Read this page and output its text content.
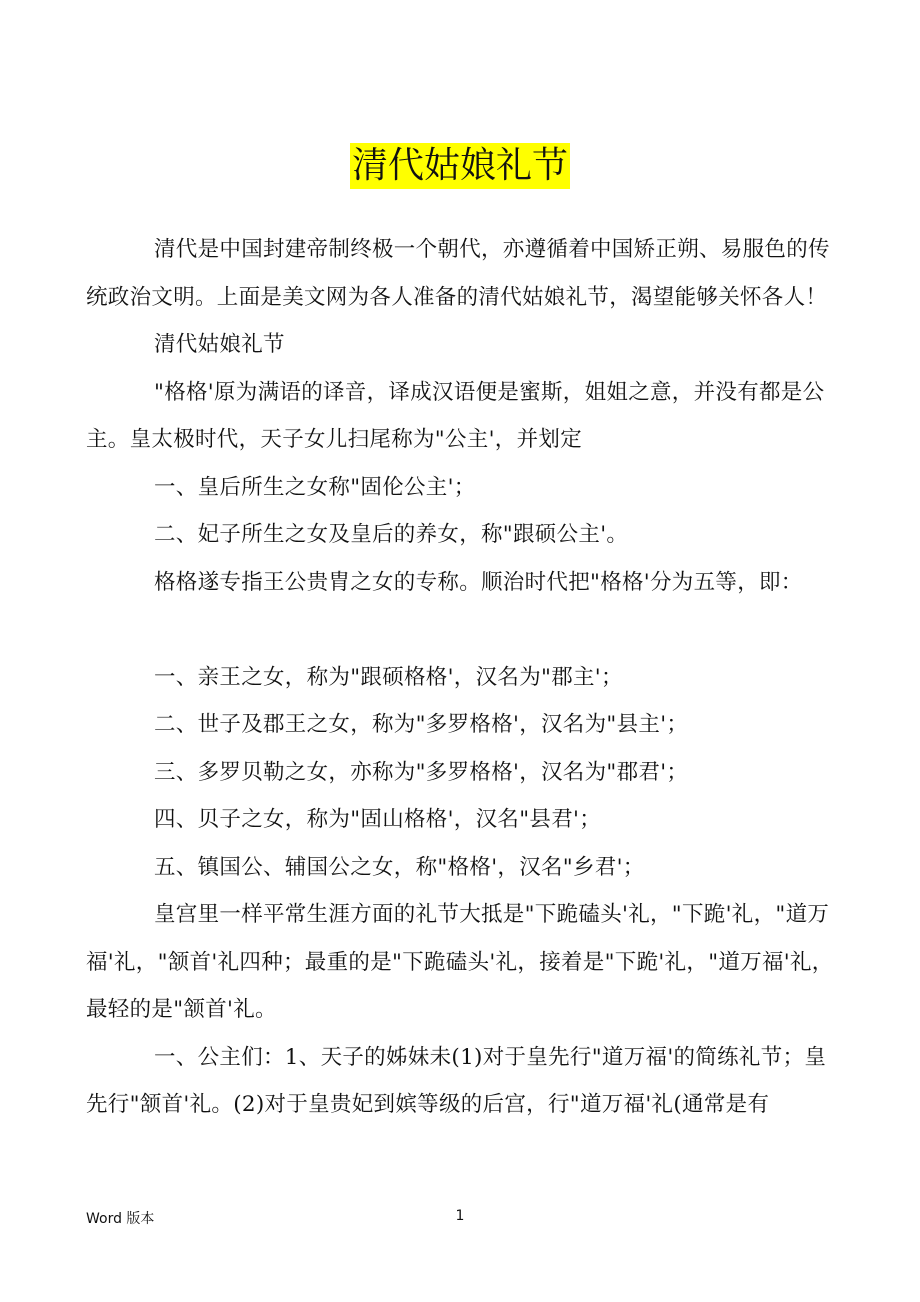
清代姑娘礼节

清代是中国封建帝制终极一个朝代，亦遵循着中国矫正朔、易服色的传统政治文明。上面是美文网为各人准备的清代姑娘礼节，渴望能够关怀各人！

清代姑娘礼节

"格格'原为满语的译音，译成汉语便是蜜斯，姐姐之意，并没有都是公主。皇太极时代，天子女儿扫尾称为"公主'，并划定

一、皇后所生之女称"固伦公主'；

二、妃子所生之女及皇后的养女，称"跟硕公主'。

格格遂专指王公贵胄之女的专称。顺治时代把"格格'分为五等，即：

一、亲王之女，称为"跟硕格格'，汉名为"郡主'；

二、世子及郡王之女，称为"多罗格格'，汉名为"县主'；

三、多罗贝勒之女，亦称为"多罗格格'，汉名为"郡君'；

四、贝子之女，称为"固山格格'，汉名"县君'；

五、镇国公、辅国公之女，称"格格'，汉名"乡君'；

皇宫里一样平常生涯方面的礼节大抵是"下跪磕头'礼，"下跪'礼，"道万福'礼，"颔首'礼四种；最重的是"下跪磕头'礼，接着是"下跪'礼，"道万福'礼，最轻的是"颔首'礼。

一、公主们：1、天子的姊妹未(1)对于皇先行"道万福'的简练礼节；皇先行"颔首'礼。(2)对于皇贵妃到嫔等级的后宫，行"道万福'礼(通常是有

Word 版本	1
